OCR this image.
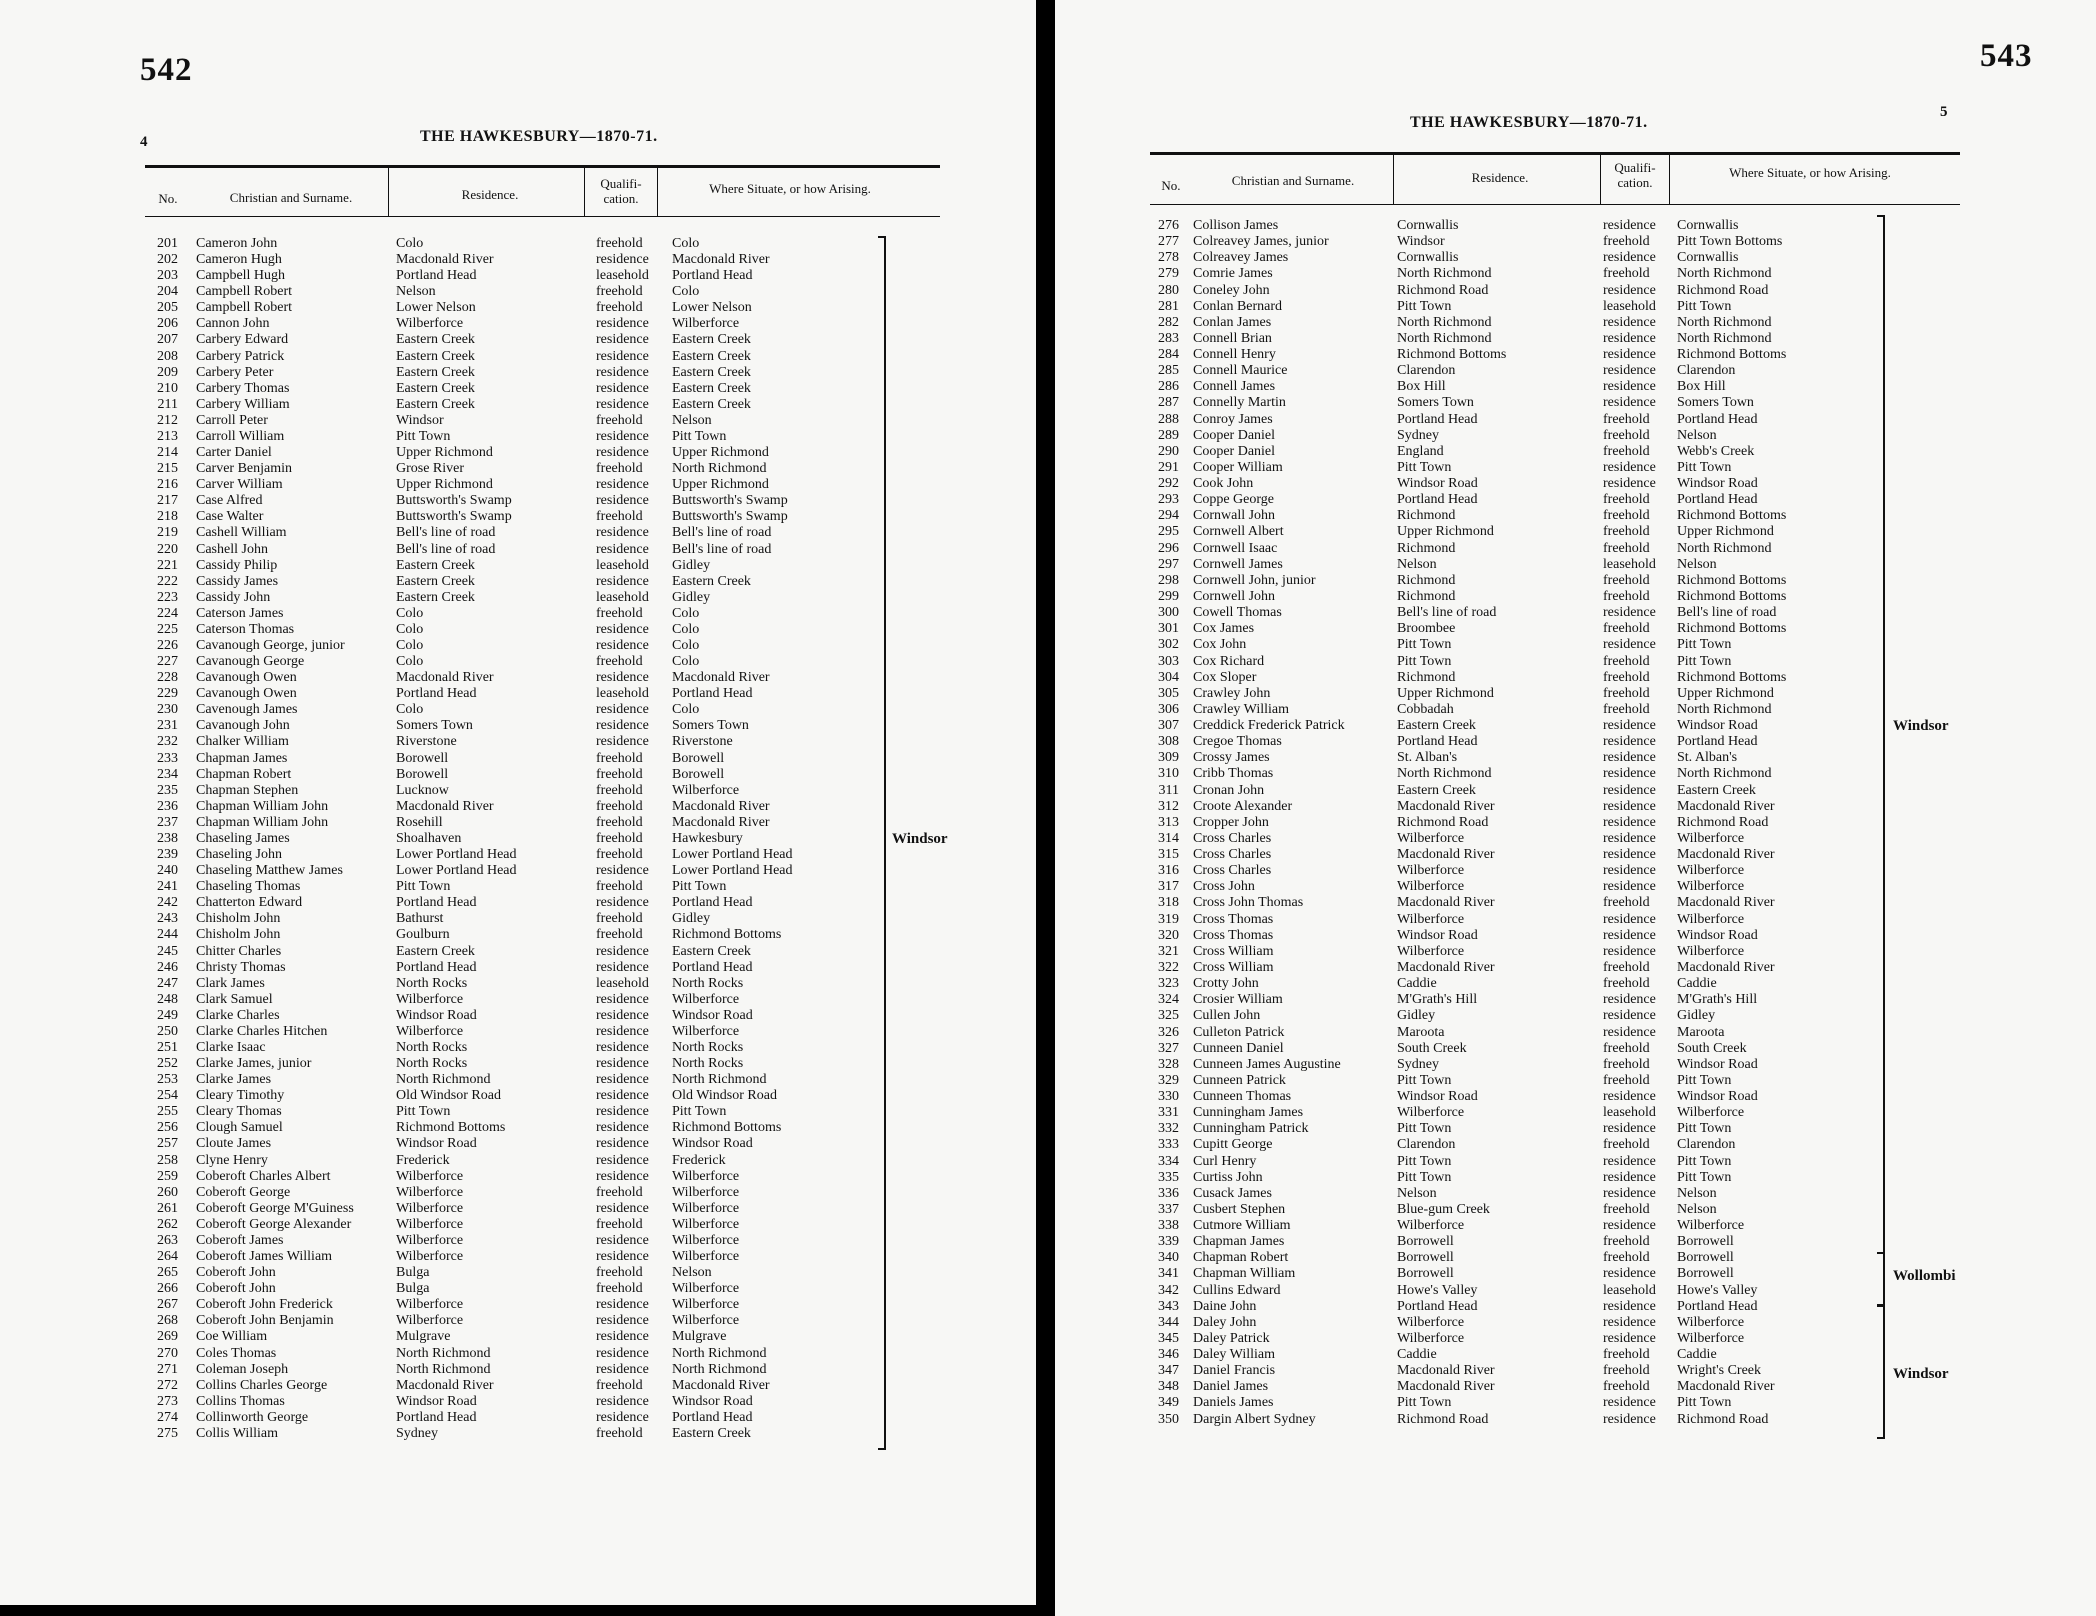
542
4	THE HAWKESBURY—1870-71.
No.	Christian and Surname.	Residence.
Qualifi- cation.
Where Situate, or how Arising.
201 Cameron John	Colo	freehold Colo
202 Cameron Hugh	Macdonald River	residence Macdonald River
203 Campbell Hugh	Portland Head	leasehold Portland Head
204 Campbell Robert	Nelson	freehold Colo
205 Campbell Robert	Lower Nelson	freehold Lower Nelson
206 Cannon John	Wilberforce	residence Wilberforce
207 Carbery Edward	Eastern Creek	residence Eastern Creek
208 Carbery Patrick	Eastern Creek	residence Eastern Creek
209 Carbery Peter	Eastern Creek	residence Eastern Creek
210 Carbery Thomas	Eastern Creek	residence Eastern Creek
211 Carbery William	Eastern Creek	residence Eastern Creek
212 Carroll Peter	Windsor	freehold Nelson
213 Carroll William	Pitt Town	residence Pitt Town
214 Carter Daniel	Upper Richmond	residence Upper Richmond
215 Carver Benjamin	Grose River	freehold North Richmond
216 Carver William	Upper Richmond	residence Upper Richmond
217 Case Alfred	Buttsworth's Swamp	residence Buttsworth's Swamp
218 Case Walter	Buttsworth's Swamp	freehold Buttsworth's Swamp
219 Cashell William	Bell's line of road	residence Bell's line of road
220 Cashell John	Bell's line of road	residence Bell's line of road
221 Cassidy Philip	Eastern Creek	leasehold Gidley
222 Cassidy James	Eastern Creek	residence Eastern Creek
223 Cassidy John	Eastern Creek	leasehold Gidley
224 Caterson James	Colo	freehold Colo
225 Caterson Thomas	Colo	residence Colo
226 Cavanough George, junior	Colo	residence Colo
227 Cavanough George	Colo	freehold Colo
228 Cavanough Owen	Macdonald River	residence Macdonald River
229 Cavanough Owen	Portland Head	leasehold Portland Head
230 Cavenough James	Colo	residence Colo
231 Cavanough John	Somers Town	residence Somers Town
232 Chalker William	Riverstone	residence Riverstone
233 Chapman James	Borowell	freehold Borowell
234 Chapman Robert	Borowell	freehold Borowell
235 Chapman Stephen	Lucknow	freehold Wilberforce
236 Chapman William John	Macdonald River	freehold Macdonald River
237 Chapman William John	Rosehill	freehold Macdonald River
238 Chaseling James	Shoalhaven	freehold Hawkesbury
239 Chaseling John	Lower Portland Head	freehold Lower Portland Head
240 Chaseling Matthew James	Lower Portland Head	residence Lower Portland Head
241 Chaseling Thomas	Pitt Town	freehold Pitt Town
242 Chatterton Edward	Portland Head	residence Portland Head
243 Chisholm John	Bathurst	freehold Gidley
244 Chisholm John	Goulburn	freehold Richmond Bottoms
245 Chitter Charles	Eastern Creek	residence Eastern Creek
246 Christy Thomas	Portland Head	residence Portland Head
247 Clark James	North Rocks	leasehold North Rocks
248 Clark Samuel	Wilberforce	residence Wilberforce
249 Clarke Charles	Windsor Road	residence Windsor Road
250 Clarke Charles Hitchen	Wilberforce	residence Wilberforce
251 Clarke Isaac	North Rocks	residence North Rocks
252 Clarke James, junior	North Rocks	residence North Rocks
253 Clarke James	North Richmond	residence North Richmond
254 Cleary Timothy	Old Windsor Road	residence Old Windsor Road
255 Cleary Thomas	Pitt Town	residence Pitt Town
256 Clough Samuel	Richmond Bottoms	residence Richmond Bottoms
257 Cloute James	Windsor Road	residence Windsor Road
258 Clyne Henry	Frederick	residence Frederick
259 Coberoft Charles Albert	Wilberforce	residence Wilberforce
260 Coberoft George	Wilberforce	freehold Wilberforce
261 Coberoft George M'Guiness	Wilberforce	residence Wilberforce
262 Coberoft George Alexander	Wilberforce	freehold Wilberforce
263 Coberoft James	Wilberforce	residence Wilberforce
264 Coberoft James William	Wilberforce	residence Wilberforce
265 Coberoft John	Bulga	freehold Nelson
266 Coberoft John	Bulga	freehold Wilberforce
267 Coberoft John Frederick	Wilberforce	residence Wilberforce
268 Coberoft John Benjamin	Wilberforce	residence Wilberforce
269 Coe William	Mulgrave	residence Mulgrave
270 Coles Thomas	North Richmond	residence North Richmond
271 Coleman Joseph	North Richmond	residence North Richmond
272 Collins Charles George	Macdonald River	freehold Macdonald River
273 Collins Thomas	Windsor Road	residence Windsor Road
274 Collinworth George	Portland Head	residence Portland Head
275 Collis William	Sydney	freehold Eastern Creek
Windsor
543
5
THE HAWKESBURY—1870-71.
No.	Christian and Surname.	Residence.
Qualifi- cation.
Where Situate, or how Arising.
276 Collison James	Cornwallis	residence Cornwallis
277 Colreavey James, junior	Windsor	freehold Pitt Town Bottoms
278 Colreavey James	Cornwallis	residence Cornwallis
279 Comrie James	North Richmond	freehold North Richmond
280 Coneley John	Richmond Road	residence Richmond Road
281 Conlan Bernard	Pitt Town	leasehold Pitt Town
282 Conlan James	North Richmond	residence North Richmond
283 Connell Brian	North Richmond	residence North Richmond
284 Connell Henry	Richmond Bottoms	residence Richmond Bottoms
285 Connell Maurice	Clarendon	residence Clarendon
286 Connell James	Box Hill	residence Box Hill
287 Connelly Martin	Somers Town	residence Somers Town
288 Conroy James	Portland Head	freehold Portland Head
289 Cooper Daniel	Sydney	freehold Nelson
290 Cooper Daniel	England	freehold Webb's Creek
291 Cooper William	Pitt Town	residence Pitt Town
292 Cook John	Windsor Road	residence Windsor Road
293 Coppe George	Portland Head	freehold Portland Head
294 Cornwall John	Richmond	freehold Richmond Bottoms
295 Cornwell Albert	Upper Richmond	freehold Upper Richmond
296 Cornwell Isaac	Richmond	freehold North Richmond
297 Cornwell James	Nelson	leasehold Nelson
298 Cornwell John, junior	Richmond	freehold Richmond Bottoms
299 Cornwell John	Richmond	freehold Richmond Bottoms
300 Cowell Thomas	Bell's line of road	residence Bell's line of road
301 Cox James	Broombee	freehold Richmond Bottoms
302 Cox John	Pitt Town	residence Pitt Town
303 Cox Richard	Pitt Town	freehold Pitt Town
304 Cox Sloper	Richmond	freehold Richmond Bottoms
305 Crawley John	Upper Richmond	freehold Upper Richmond
306 Crawley William	Cobbadah	freehold North Richmond
307 Creddick Frederick Patrick	Eastern Creek	residence Windsor Road
308 Cregoe Thomas	Portland Head	residence Portland Head
309 Crossy James	St. Alban's	residence St. Alban's
310 Cribb Thomas	North Richmond	residence North Richmond
311 Cronan John	Eastern Creek	residence Eastern Creek
312 Croote Alexander	Macdonald River	residence Macdonald River
313 Cropper John	Richmond Road	residence Richmond Road
314 Cross Charles	Wilberforce	residence Wilberforce
315 Cross Charles	Macdonald River	residence Macdonald River
316 Cross Charles	Wilberforce	residence Wilberforce
317 Cross John	Wilberforce	residence Wilberforce
318 Cross John Thomas	Macdonald River	freehold Macdonald River
319 Cross Thomas	Wilberforce	residence Wilberforce
320 Cross Thomas	Windsor Road	residence Windsor Road
321 Cross William	Wilberforce	residence Wilberforce
322 Cross William	Macdonald River	freehold Macdonald River
323 Crotty John	Caddie	freehold Caddie
324 Crosier William	M'Grath's Hill	residence M'Grath's Hill
325 Cullen John	Gidley	residence Gidley
326 Culleton Patrick	Maroota	residence Maroota
327 Cunneen Daniel	South Creek	freehold South Creek
328 Cunneen James Augustine	Sydney	freehold Windsor Road
329 Cunneen Patrick	Pitt Town	freehold Pitt Town
330 Cunneen Thomas	Windsor Road	residence Windsor Road
331 Cunningham James	Wilberforce	leasehold Wilberforce
332 Cunningham Patrick	Pitt Town	residence Pitt Town
333 Cupitt George	Clarendon	freehold Clarendon
334 Curl Henry	Pitt Town	residence Pitt Town
335 Curtiss John	Pitt Town	residence Pitt Town
336 Cusack James	Nelson	residence Nelson
337 Cusbert Stephen	Blue-gum Creek	freehold Nelson
338 Cutmore William	Wilberforce	residence Wilberforce
339 Chapman James	Borrowell	freehold Borrowell
340 Chapman Robert	Borrowell	freehold Borrowell
341 Chapman William	Borrowell	residence Borrowell
342 Cullins Edward	Howe's Valley	leasehold Howe's Valley
343 Daine John	Portland Head	residence Portland Head
344 Daley John	Wilberforce	residence Wilberforce
345 Daley Patrick	Wilberforce	residence Wilberforce
346 Daley William	Caddie	freehold Caddie
347 Daniel Francis	Macdonald River	freehold Wright's Creek
348 Daniel James	Macdonald River	freehold Macdonald River
349 Daniels James	Pitt Town	residence Pitt Town
350 Dargin Albert Sydney	Richmond Road	residence Richmond Road
Windsor
Wollombi
Windsor
